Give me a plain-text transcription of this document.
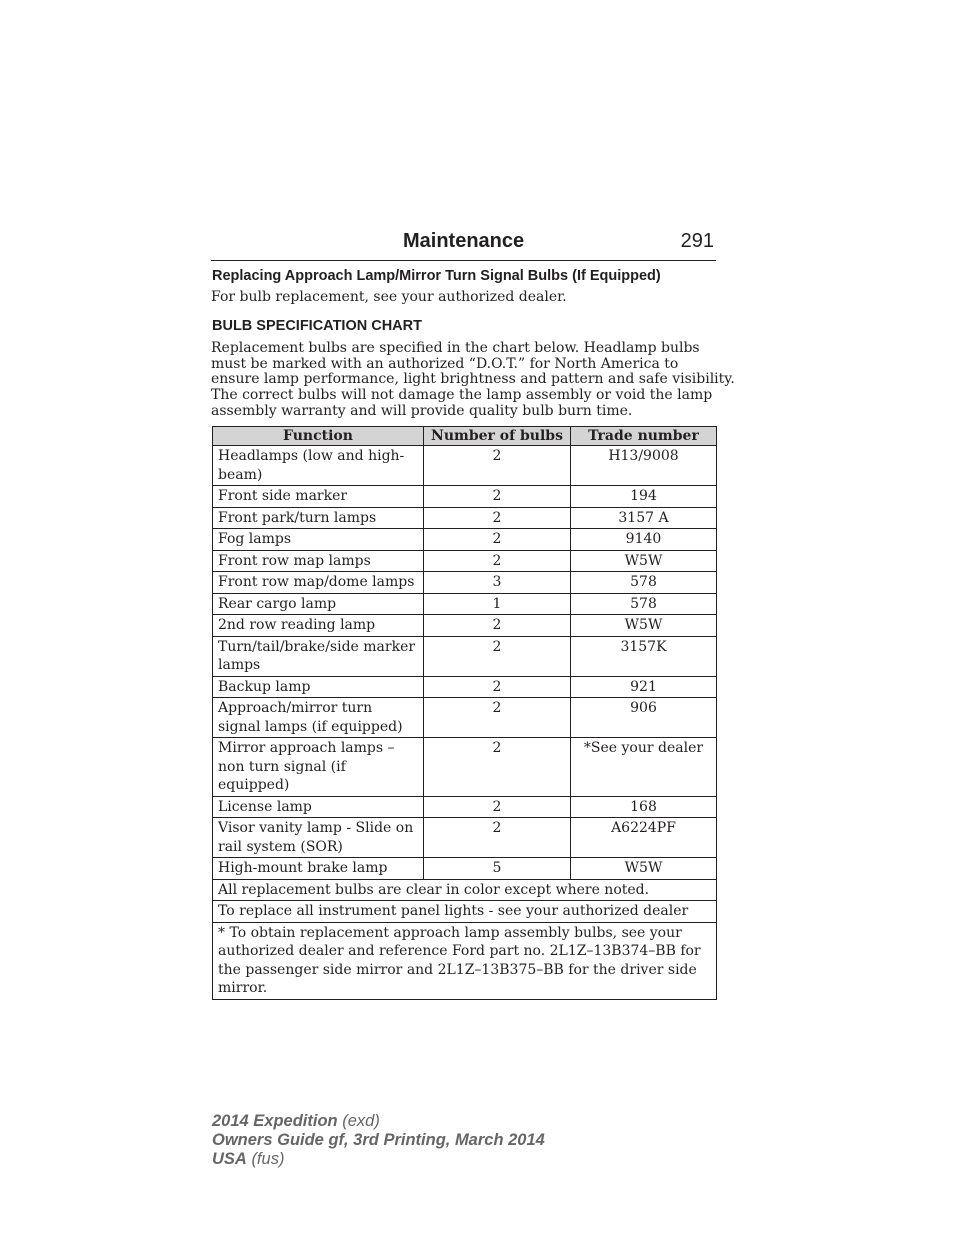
Maintenance	291
Replacing Approach Lamp/Mirror Turn Signal Bulbs (If Equipped)
For bulb replacement, see your authorized dealer.
BULB SPECIFICATION CHART
Replacement bulbs are specified in the chart below. Headlamp bulbs
must be marked with an authorized “D.O.T.” for North America to
ensure lamp performance, light brightness and pattern and safe visibility.
The correct bulbs will not damage the lamp assembly or void the lamp
assembly warranty and will provide quality bulb burn time.
Function	Number of bulbs	Trade number
Headlamps (low and high-beam)	2	H13/9008
Front side marker	2	194
Front park/turn lamps	2	3157 A
Fog lamps	2	9140
Front row map lamps	2	W5W
Front row map/dome lamps	3	578
Rear cargo lamp	1	578
2nd row reading lamp	2	W5W
Turn/tail/brake/side marker lamps	2	3157K
Backup lamp	2	921
Approach/mirror turn signal lamps (if equipped)	2	906
Mirror approach lamps – non turn signal (if equipped)	2	*See your dealer
License lamp	2	168
Visor vanity lamp - Slide on rail system (SOR)	2	A6224PF
High-mount brake lamp	5	W5W
All replacement bulbs are clear in color except where noted.		
To replace all instrument panel lights - see your authorized dealer		
* To obtain replacement approach lamp assembly bulbs, see your authorized dealer and reference Ford part no. 2L1Z–13B374–BB for the passenger side mirror and 2L1Z–13B375–BB for the driver side mirror.		
2014 Expedition (exd)
Owners Guide gf, 3rd Printing, March 2014
USA (fus)
